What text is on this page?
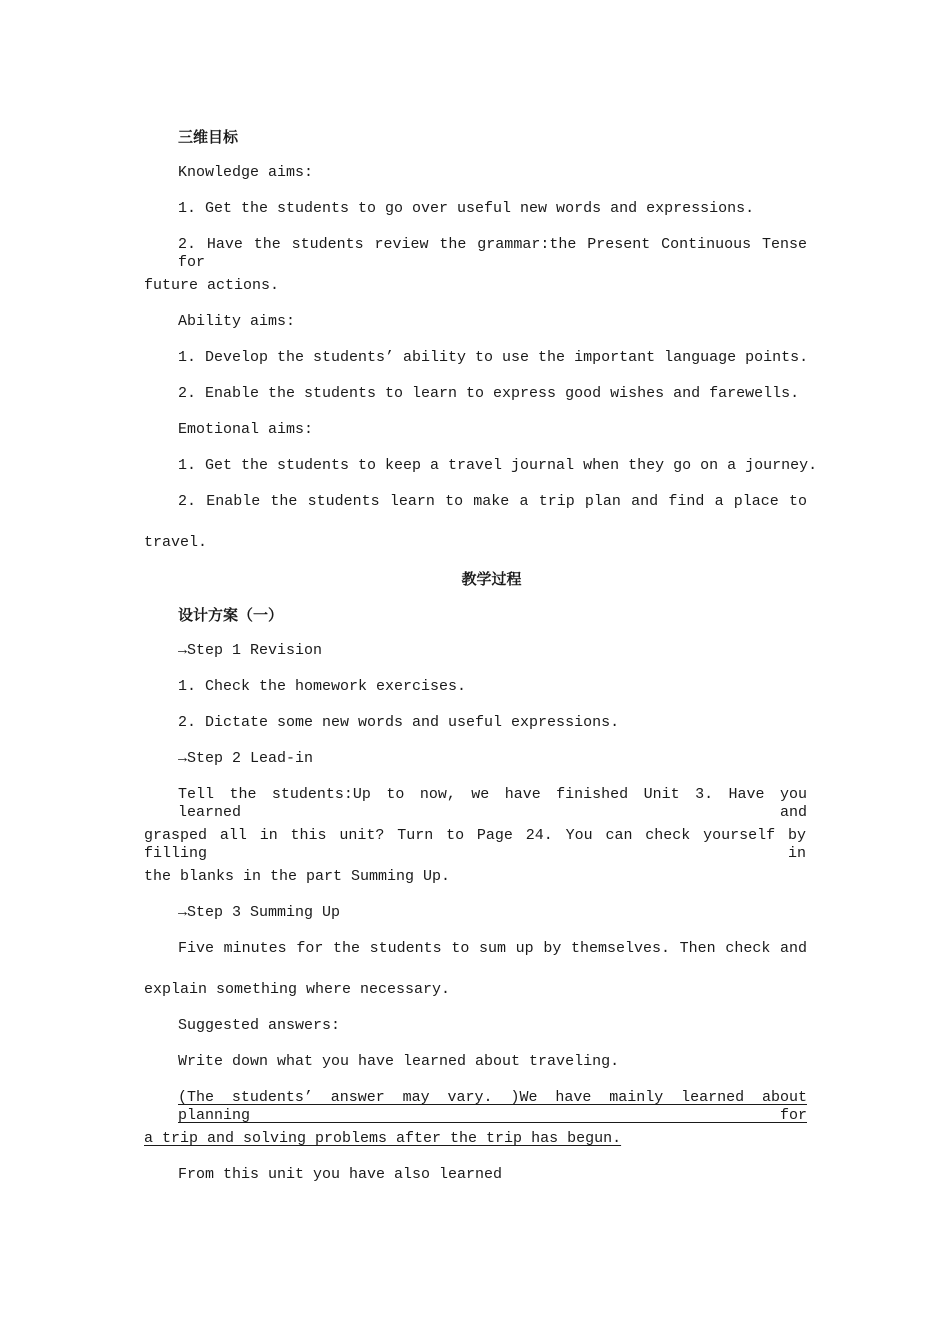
三维目标
Knowledge aims:
1. Get the students to go over useful new words and expressions.
2. Have the students review the grammar:the Present Continuous Tense for
future actions.
Ability aims:
1. Develop the students’ ability to use the important language points.
2. Enable the students to learn to express good wishes and farewells.
Emotional aims:
1. Get the students to keep a travel journal when they go on a journey.
2. Enable the students learn to make a trip plan and find a place to
travel.
教学过程
设计方案（一）
→Step 1 Revision
1. Check the homework exercises.
2. Dictate some new words and useful expressions.
→Step 2 Lead-in
Tell the students:Up to now, we have finished Unit 3. Have you learned and
grasped all in this unit? Turn to Page 24. You can check yourself by filling in
the blanks in the part Summing Up.
→Step 3 Summing Up
Five minutes for the students to sum up by themselves. Then check and
explain something where necessary.
Suggested answers:
Write down what you have learned about traveling.
(The students’ answer may vary. )We have mainly learned about planning for
a trip and solving problems after the trip has begun.
From this unit you have also learned
